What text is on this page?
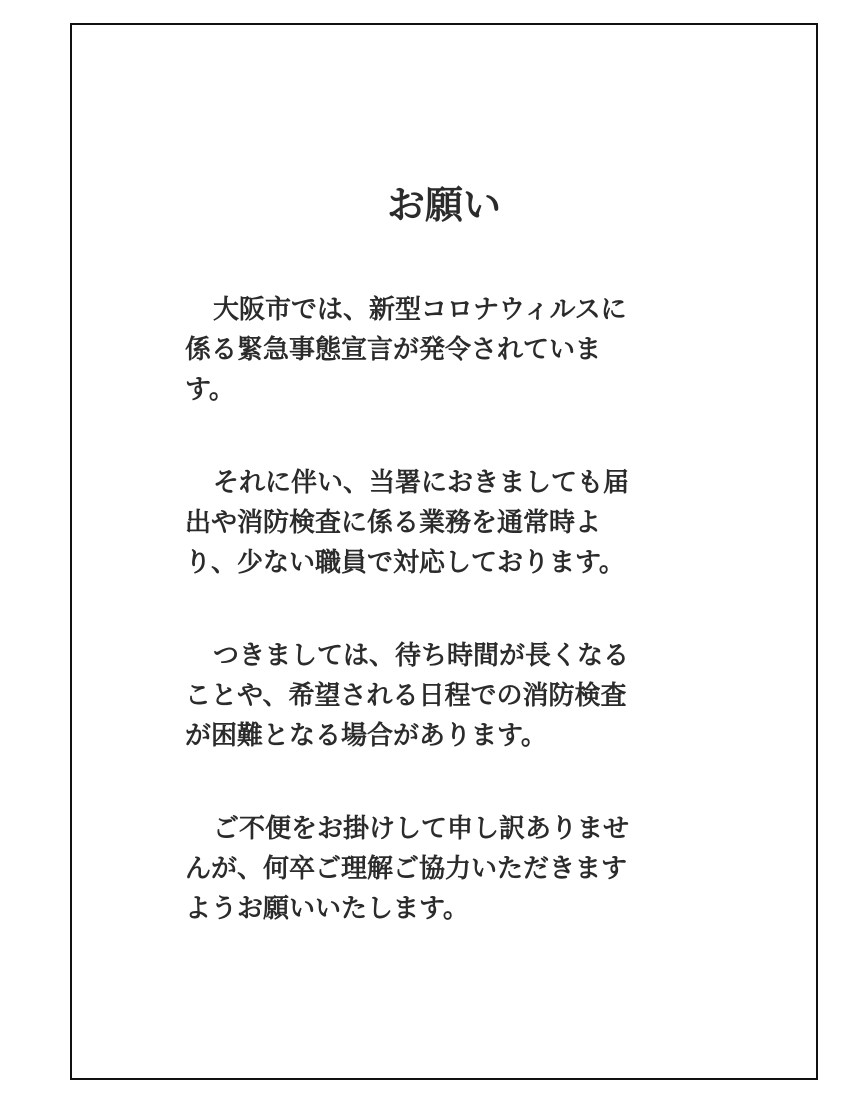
お願い

大阪市では、新型コロナウィルスに
係る緊急事態宣言が発令されていま
す。

それに伴い、当署におきましても届
出や消防検査に係る業務を通常時よ
り、少ない職員で対応しております。

つきましては、待ち時間が長くなる
ことや、希望される日程での消防検査
が困難となる場合があります。

ご不便をお掛けして申し訳ありませ
んが、何卒ご理解ご協力いただきます
ようお願いいたします。
